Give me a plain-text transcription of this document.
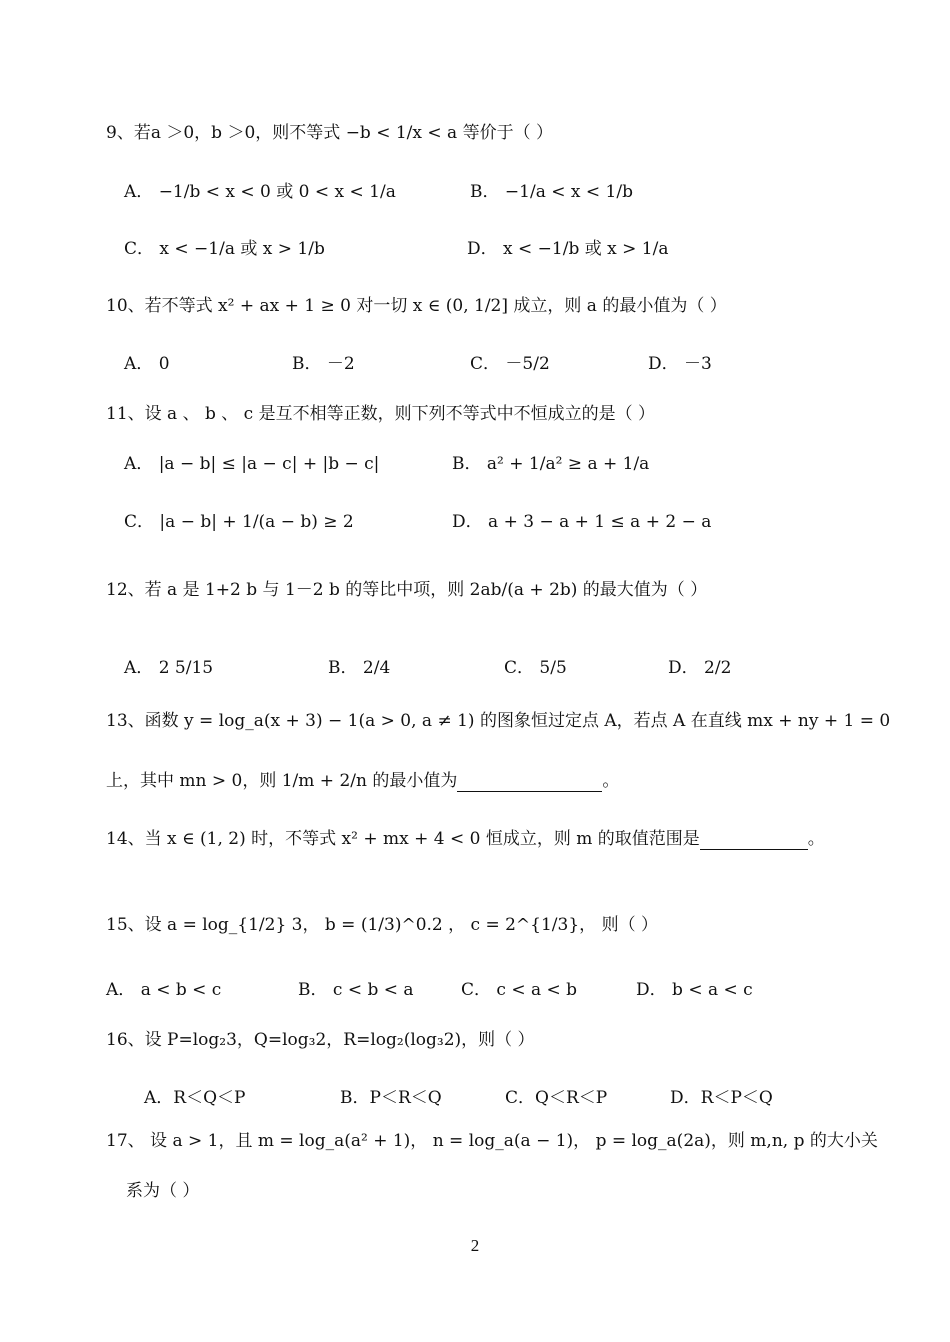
9、若a ＞0，b ＞0，则不等式 −b < 1/x < a 等价于（ ）
A． −1/b < x < 0 或 0 < x < 1/a	B． −1/a < x < 1/b
C． x < −1/a 或 x > 1/b	D． x < −1/b 或 x > 1/a
10、若不等式 x² + ax + 1 ≥ 0 对一切 x ∈ (0, 1/2] 成立，则 a 的最小值为（ ）
A． 0	B． －2	C． －5/2	D． －3
11、设 a 、 b 、 c 是互不相等正数，则下列不等式中不恒成立的是（ ）
A． |a − b| ≤ |a − c| + |b − c|	B． a² + 1/a² ≥ a + 1/a
C． |a − b| + 1/(a − b) ≥ 2	D． a + 3 − a + 1 ≤ a + 2 − a
12、若 a 是 1+2 b 与 1－2 b 的等比中项，则 2ab/(a + 2b) 的最大值为（ ）
A． 2 5/15	B． 2/4	C． 5/5	D． 2/2
13、函数 y = log_a(x + 3) − 1(a > 0, a ≠ 1) 的图象恒过定点 A，若点 A 在直线 mx + ny + 1 = 0
上，其中 mn > 0，则 1/m + 2/n 的最小值为	。
14、当 x ∈ (1, 2) 时，不等式 x² + mx + 4 < 0 恒成立，则 m 的取值范围是	。
15、设 a = log_{1/2} 3， b = (1/3)^0.2 ， c = 2^{1/3}， 则（ ）
A． a < b < c	B． c < b < a	C． c < a < b	D． b < a < c
16、设 P=log₂3，Q=log₃2，R=log₂(log₃2)，则（ ）
A．R＜Q＜P	B．P＜R＜Q	C．Q＜R＜P	D．R＜P＜Q
17、 设 a > 1，且 m = log_a(a² + 1)， n = log_a(a − 1)， p = log_a(2a)，则 m,n, p 的大小关
系为（ ）
2
